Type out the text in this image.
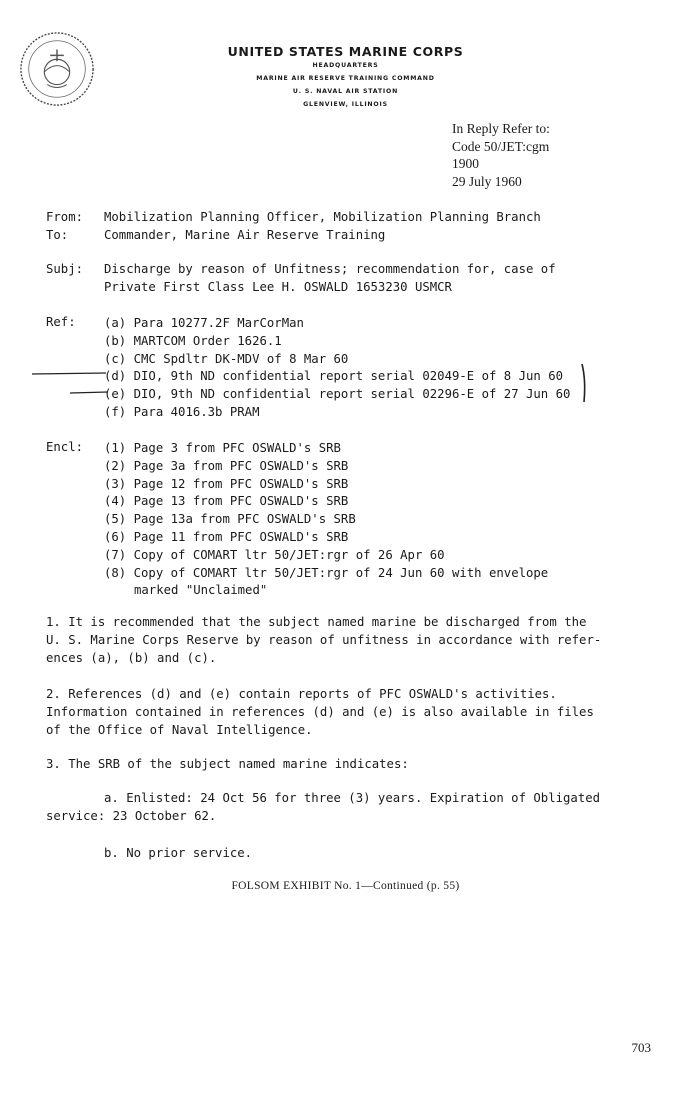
UNITED STATES MARINE CORPS
HEADQUARTERS
MARINE AIR RESERVE TRAINING COMMAND
U. S. NAVAL AIR STATION
GLENVIEW, ILLINOIS
In Reply Refer to:
Code 50/JET:cgm
1900
29 July 1960
From: Mobilization Planning Officer, Mobilization Planning Branch
To:	Commander, Marine Air Reserve Training
Subj: Discharge by reason of Unfitness; recommendation for, case of
Private First Class Lee H. OSWALD 1653230 USMCR
Ref: (a) Para 10277.2F MarCorMan
(b) MARTCOM Order 1626.1
(c) CMC Spdltr DK-MDV of 8 Mar 60
(d) DIO, 9th ND confidential report serial 02049-E of 8 Jun 60
(e) DIO, 9th ND confidential report serial 02296-E of 27 Jun 60
(f) Para 4016.3b PRAM
Encl: (1) Page 3 from PFC OSWALD's SRB
(2) Page 3a from PFC OSWALD's SRB
(3) Page 12 from PFC OSWALD's SRB
(4) Page 13 from PFC OSWALD's SRB
(5) Page 13a from PFC OSWALD's SRB
(6) Page 11 from PFC OSWALD's SRB
(7) Copy of COMART ltr 50/JET:rgr of 26 Apr 60
(8) Copy of COMART ltr 50/JET:rgr of 24 Jun 60 with envelope
marked "Unclaimed"
1. It is recommended that the subject named marine be discharged from the
U. S. Marine Corps Reserve by reason of unfitness in accordance with refer-
ences (a), (b) and (c).
2. References (d) and (e) contain reports of PFC OSWALD's activities.
Information contained in references (d) and (e) is also available in files
of the Office of Naval Intelligence.
3. The SRB of the subject named marine indicates:
a. Enlisted: 24 Oct 56 for three (3) years. Expiration of Obligated
service: 23 October 62.
b. No prior service.
FOLSOM EXHIBIT No. 1—Continued (p. 55)
703
